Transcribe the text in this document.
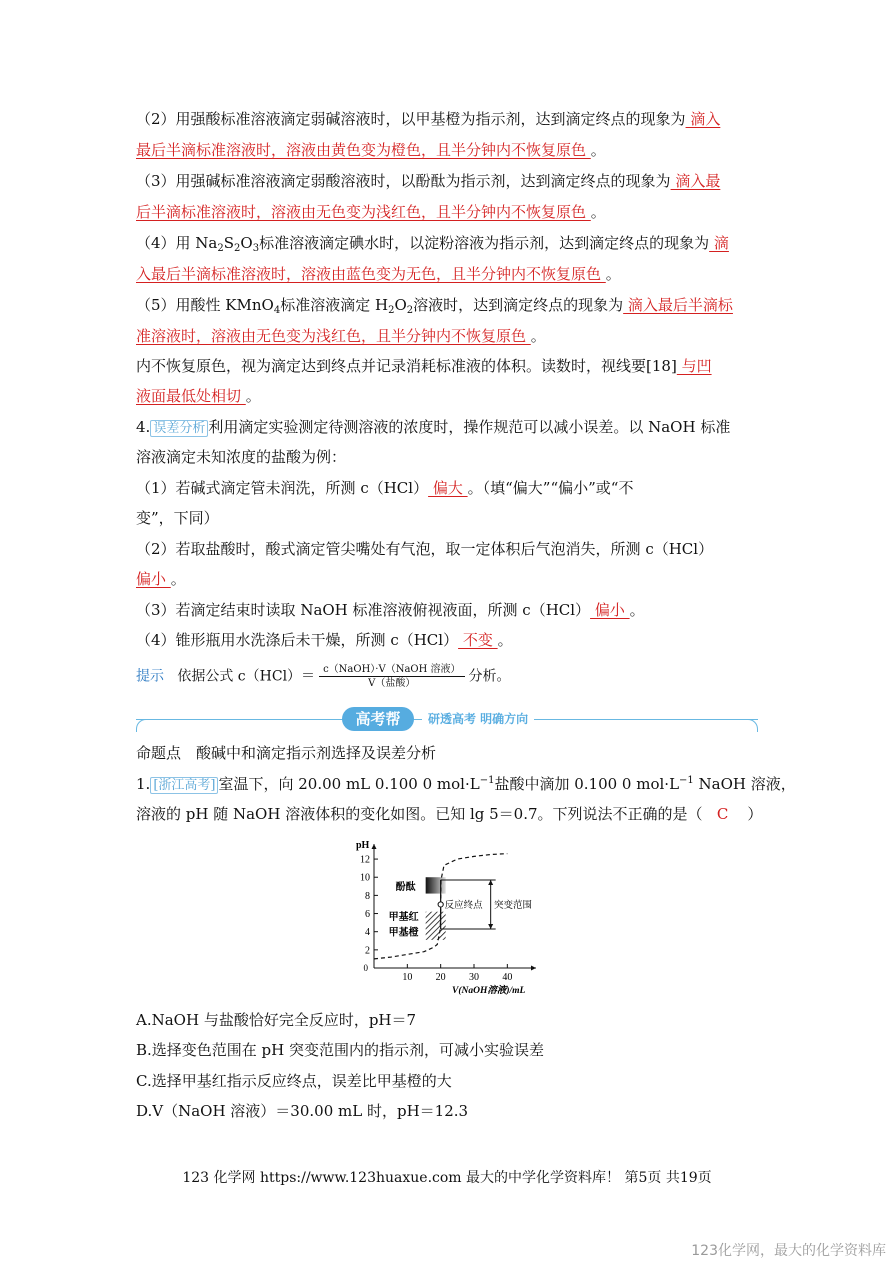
（2）用强酸标准溶液滴定弱碱溶液时，以甲基橙为指示剂，达到滴定终点的现象为 滴入
最后半滴标准溶液时，溶液由黄色变为橙色，且半分钟内不恢复原色 。
（3）用强碱标准溶液滴定弱酸溶液时，以酚酞为指示剂，达到滴定终点的现象为 滴入最
后半滴标准溶液时，溶液由无色变为浅红色，且半分钟内不恢复原色 。
（4）用 $Na_2S_2O_3$标准溶液滴定碘水时，以淀粉溶液为指示剂，达到滴定终点的现象为 滴
入最后半滴标准溶液时，溶液由蓝色变为无色，且半分钟内不恢复原色 。
（5）用酸性 KMnO$_4$标准溶液滴定 $H_2O_2$溶液时，达到滴定终点的现象为 滴入最后半滴标
准溶液时，溶液由无色变为浅红色，且半分钟内不恢复原色 。
内不恢复原色，视为滴定达到终点并记录消耗标准液的体积。读数时，视线要[18] 与凹
液面最低处相切 。
4. 误差分析 利用滴定实验测定待测溶液的浓度时，操作规范可以减小误差。以 NaOH 标准
溶液滴定未知浓度的盐酸为例：
（1）若碱式滴定管未润洗，所测 c（HCl） 偏大 。（填“偏大”“偏小”或“不
变”，下同）
（2）若取盐酸时，酸式滴定管尖嘴处有气泡，取一定体积后气泡消失，所测 c（HCl）
偏小 。
（3）若滴定结束时读取 NaOH 标准溶液俯视液面，所测 c（HCl） 偏小 。
（4）锥形瓶用水洗涤后未干燥，所测 c（HCl） 不变 。
提示 依据公式 $c(HCl)= \frac{\text{c（NaOH）·V（NaOH 溶液）}}{\text{V（盐酸）}}$ 分析。
高考帮	研透高考 明确方向
命题点　酸碱中和滴定指示剂选择及误差分析
1. [浙江高考] 室温下，向 20.00 mL 0.100 0 $mol\cdot L^{-1}$盐酸中滴加 0.100 0 $mol\cdot L^{-1}$ NaOH 溶液，
溶液的 pH 随 NaOH 溶液体积的变化如图。已知 lg 5＝0.7。下列说法不正确的是（ C ）
2
4
6
8
10
12
0
10 20 30 40
pH
V(NaOH溶液)/mL
酚酞
甲基红
甲基橙
反应终点 突变范围
A.NaOH 与盐酸恰好完全反应时，pH＝7
B.选择变色范围在 pH 突变范围内的指示剂，可减小实验误差
C.选择甲基红指示反应终点，误差比甲基橙的大
D.V（NaOH 溶液）＝30.00 mL 时，pH＝12.3
123 化学网 https://www.123huaxue.com 最大的中学化学资料库！ 第5页 共19页
123化学网，最大的化学资料库
